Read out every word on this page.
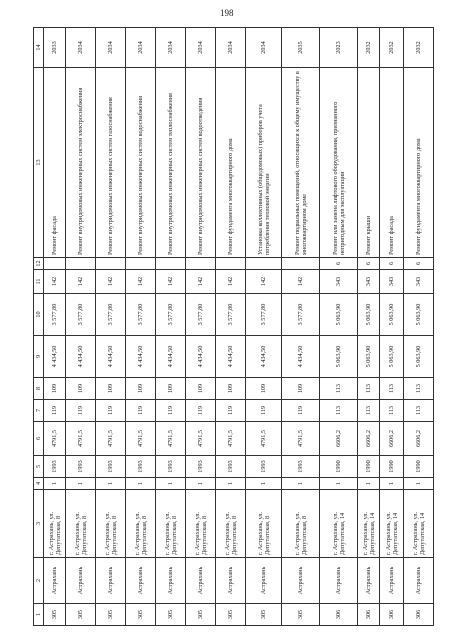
198
1	2	3	4	5	6	7	8	9	10	11	12	13	14
305	Астрахань	г. Астрахань, ул. Депутатская, 8	1	1993	4791,5	119	109	4 434,50	3 577,80	142		Ремонт фасада	2033
305	Астрахань	г. Астрахань, ул. Депутатская, 8	1	1993	4791,5	119	109	4 434,50	3 577,80	142		Ремонт внутридомовых инженерных систем электроснабжения	2034
305	Астрахань	г. Астрахань, ул. Депутатская, 8	1	1993	4791,5	119	109	4 434,50	3 577,80	142		Ремонт внутридомовых инженерных систем газоснабжения	2034
305	Астрахань	г. Астрахань, ул. Депутатская, 8	1	1993	4791,5	119	109	4 434,50	3 577,80	142		Ремонт внутридомовых инженерных систем водоснабжения	2034
305	Астрахань	г. Астрахань, ул. Депутатская, 8	1	1993	4791,5	119	109	4 434,50	3 577,80	142		Ремонт внутридомовых инженерных систем теплоснабжения	2034
305	Астрахань	г. Астрахань, ул. Депутатская, 8	1	1993	4791,5	119	109	4 434,50	3 577,80	142		Ремонт внутридомовых инженерных систем водоотведения	2034
305	Астрахань	г. Астрахань, ул. Депутатская, 8	1	1993	4791,5	119	109	4 434,50	3 577,80	142		Ремонт фундамента многоквартирного дома	2034
305	Астрахань	г. Астрахань, ул. Депутатская, 8	1	1993	4791,5	119	109	4 434,50	3 577,80	142		Установка коллективных (общедомовых) приборов учета потребления тепловой энергии	2034
305	Астрахань	г. Астрахань, ул. Депутатская, 8	1	1993	4791,5	119	109	4 434,50	3 577,80	142		Ремонт подвальных помещений, относящихся к общему имуществу в многоквартирном доме	2035
306	Астрахань	г. Астрахань, ул. Депутатская, 14	1	1990	6606,2	113	113	5 063,90	5 063,90	343	6	Ремонт или замена лифтового оборудования, признанного непригодным для эксплуатации	2023
306	Астрахань	г. Астрахань, ул. Депутатская, 14	1	1990	6606,2	113	113	5 063,90	5 063,90	343	6	Ремонт крыши	2032
306	Астрахань	г. Астрахань, ул. Депутатская, 14	1	1990	6606,2	113	113	5 063,90	5 063,90	343	6	Ремонт фасада	2032
306	Астрахань	г. Астрахань, ул. Депутатская, 14	1	1990	6606,2	113	113	5 063,90	5 063,90	343	6	Ремонт фундамента многоквартирного дома	2032
